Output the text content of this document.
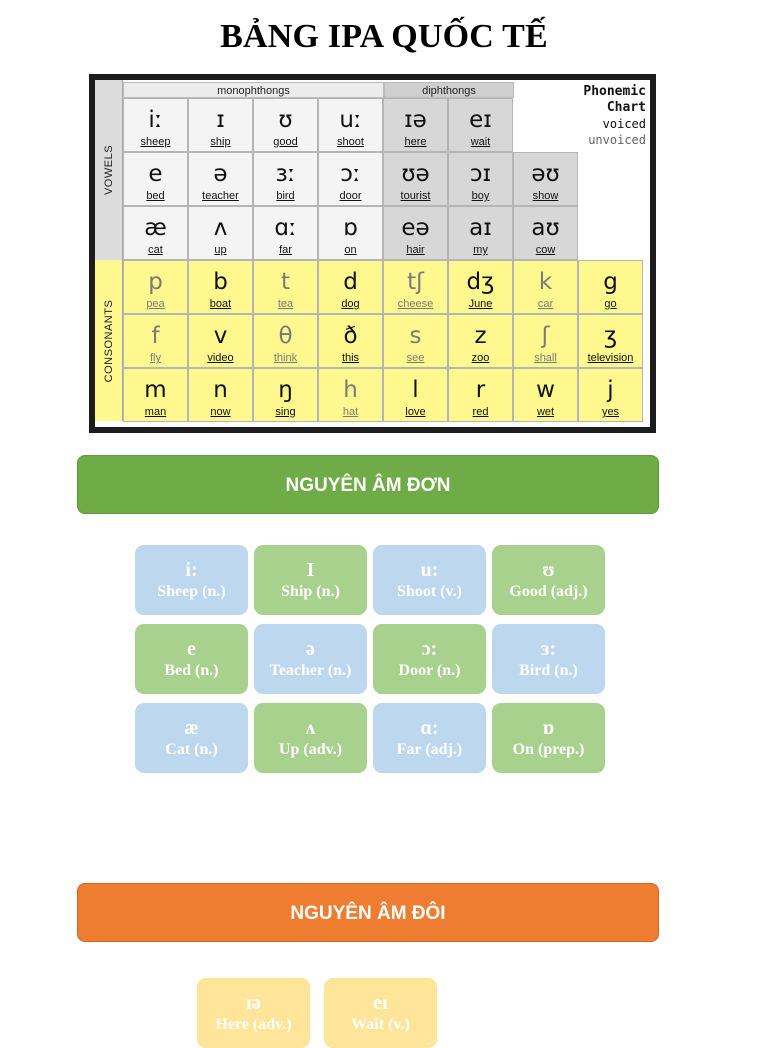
BẢNG IPA QUỐC TẾ
VOWELS
CONSONANTS
monophthongs	diphthongs	Phonemic
Chart
voiced
unvoiced
iː
sheep
ɪ
ship
ʊ
good
uː
shoot
ɪə
here
eɪ
wait
e
bed
ə
teacher
ɜː
bird
ɔː
door
ʊə
tourist
ɔɪ
boy
əʊ
show
æ
cat
ʌ
up
ɑː
far
ɒ
on
eə
hair
aɪ
my
aʊ
cow
p
pea
b
boat
t
tea
d
dog
tʃ
cheese
dʒ
June
k
car
g
go
f
fly
v
video
θ
think
ð
this
s
see
z
zoo
ʃ
shall
ʒ
television
m
man
n
now
ŋ
sing
h
hat
l
love
r
red
w
wet
j
yes
NGUYÊN ÂM ĐƠN
NGUYÊN ÂM ĐÔI
i:
Sheep (n.)
I
Ship (n.)
u:
Shoot (v.)
ʊ
Good (adj.)
e
Bed (n.)
ə
Teacher (n.)
ɔ:
Door (n.)
ɜ:
Bird (n.)
æ
Cat (n.)
ʌ
Up (adv.)
ɑ:
Far (adj.)
ɒ
On (prep.)
ɪə
Here (adv.)
eɪ
Wait (v.)
